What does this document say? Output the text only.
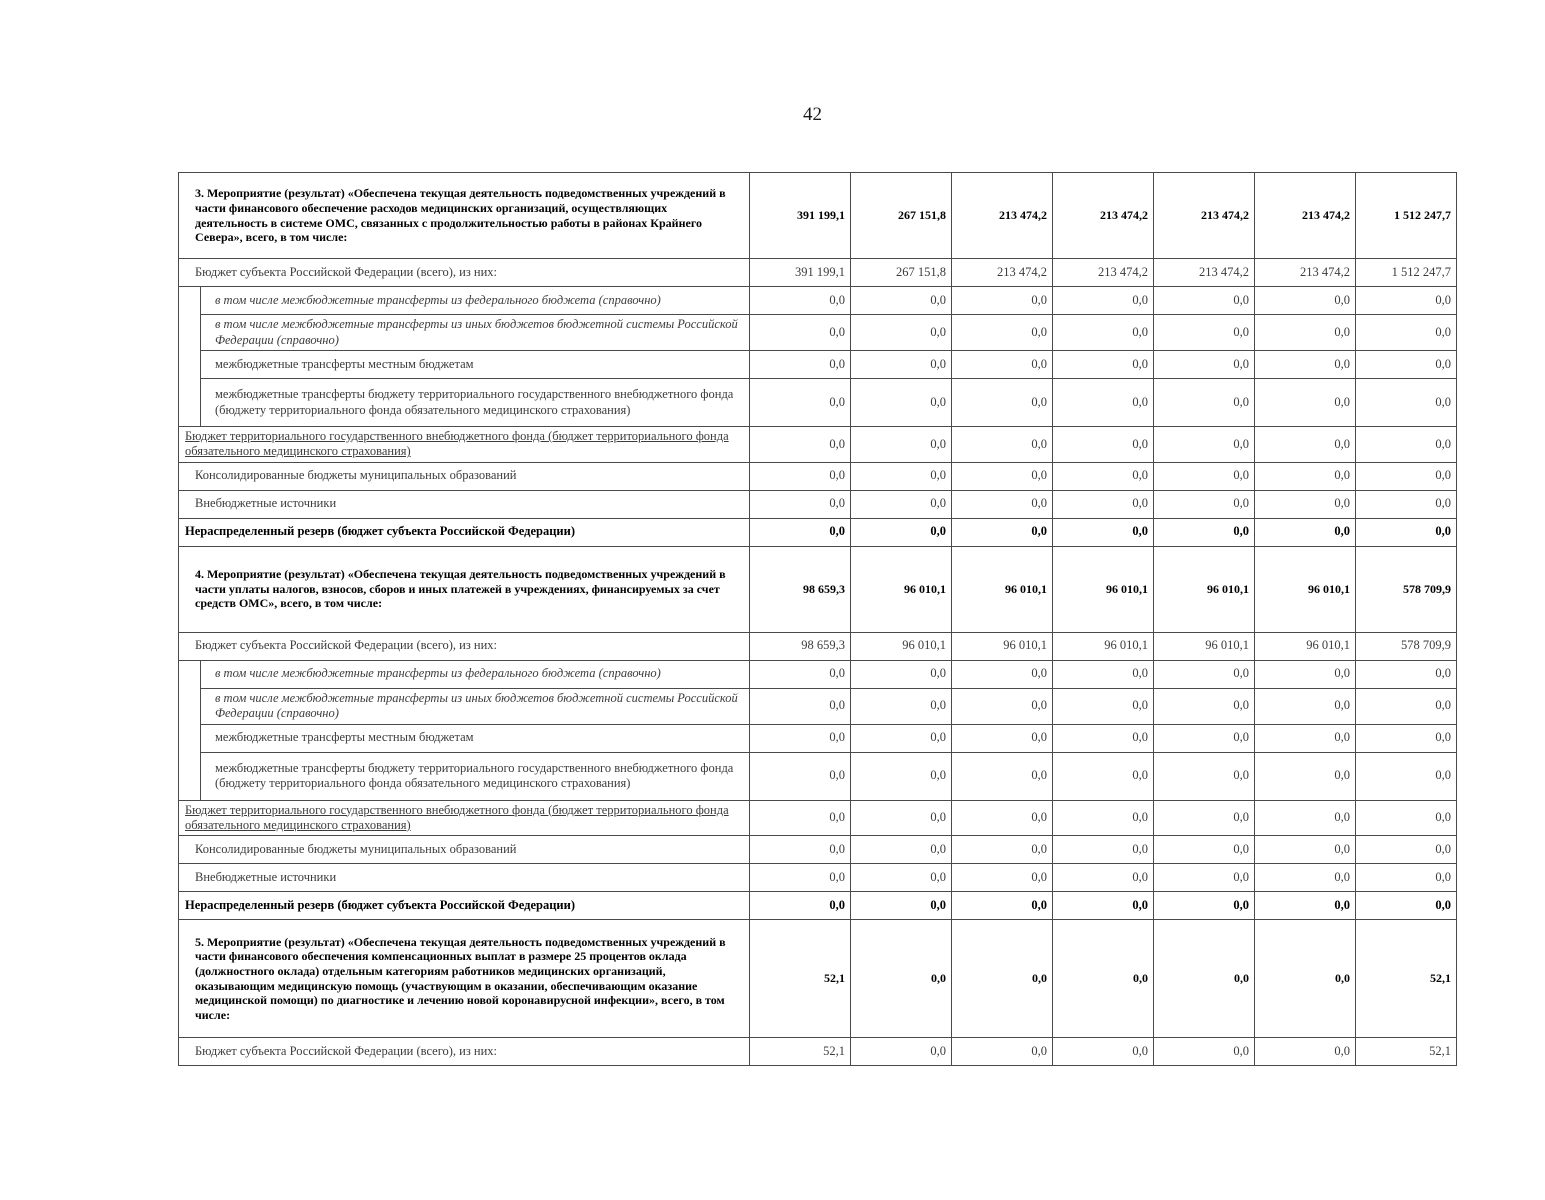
42
3. Мероприятие (результат) «Обеспечена текущая деятельность подведомственных учреждений в части финансового обеспечение расходов медицинских организаций, осуществляющих деятельность в системе ОМС, связанных с продолжительностью работы в районах Крайнего Севера», всего, в том числе:		391 199,1	267 151,8	213 474,2	213 474,2	213 474,2	213 474,2	1 512 247,7
Бюджет субъекта Российской Федерации (всего), из них:		391 199,1	267 151,8	213 474,2	213 474,2	213 474,2	213 474,2	1 512 247,7
	в том числе межбюджетные трансферты из федерального бюджета (справочно)	0,0	0,0	0,0	0,0	0,0	0,0	0,0
	в том числе межбюджетные трансферты из иных бюджетов бюджетной системы Российской Федерации (справочно)	0,0	0,0	0,0	0,0	0,0	0,0	0,0
	межбюджетные трансферты местным бюджетам	0,0	0,0	0,0	0,0	0,0	0,0	0,0
	межбюджетные трансферты бюджету территориального государственного внебюджетного фонда (бюджету территориального фонда обязательного медицинского страхования)	0,0	0,0	0,0	0,0	0,0	0,0	0,0
Бюджет территориального государственного внебюджетного фонда (бюджет территориального фонда обязательного медицинского страхования)		0,0	0,0	0,0	0,0	0,0	0,0	0,0
Консолидированные бюджеты муниципальных образований		0,0	0,0	0,0	0,0	0,0	0,0	0,0
Внебюджетные источники		0,0	0,0	0,0	0,0	0,0	0,0	0,0
Нераспределенный резерв (бюджет субъекта Российской Федерации)		0,0	0,0	0,0	0,0	0,0	0,0	0,0
4. Мероприятие (результат) «Обеспечена текущая деятельность подведомственных учреждений в части уплаты налогов, взносов, сборов и иных платежей в учреждениях, финансируемых за счет средств ОМС», всего, в том числе:		98 659,3	96 010,1	96 010,1	96 010,1	96 010,1	96 010,1	578 709,9
Бюджет субъекта Российской Федерации (всего), из них:		98 659,3	96 010,1	96 010,1	96 010,1	96 010,1	96 010,1	578 709,9
	в том числе межбюджетные трансферты из федерального бюджета (справочно)	0,0	0,0	0,0	0,0	0,0	0,0	0,0
	в том числе межбюджетные трансферты из иных бюджетов бюджетной системы Российской Федерации (справочно)	0,0	0,0	0,0	0,0	0,0	0,0	0,0
	межбюджетные трансферты местным бюджетам	0,0	0,0	0,0	0,0	0,0	0,0	0,0
	межбюджетные трансферты бюджету территориального государственного внебюджетного фонда (бюджету территориального фонда обязательного медицинского страхования)	0,0	0,0	0,0	0,0	0,0	0,0	0,0
Бюджет территориального государственного внебюджетного фонда (бюджет территориального фонда обязательного медицинского страхования)		0,0	0,0	0,0	0,0	0,0	0,0	0,0
Консолидированные бюджеты муниципальных образований		0,0	0,0	0,0	0,0	0,0	0,0	0,0
Внебюджетные источники		0,0	0,0	0,0	0,0	0,0	0,0	0,0
Нераспределенный резерв (бюджет субъекта Российской Федерации)		0,0	0,0	0,0	0,0	0,0	0,0	0,0
5. Мероприятие (результат) «Обеспечена текущая деятельность подведомственных учреждений в части финансового обеспечения компенсационных выплат в размере 25 процентов оклада (должностного оклада) отдельным категориям работников медицинских организаций, оказывающим медицинскую помощь (участвующим в оказании, обеспечивающим оказание медицинской помощи) по диагностике и лечению новой коронавирусной инфекции», всего, в том числе:		52,1	0,0	0,0	0,0	0,0	0,0	52,1
Бюджет субъекта Российской Федерации (всего), из них:		52,1	0,0	0,0	0,0	0,0	0,0	52,1
